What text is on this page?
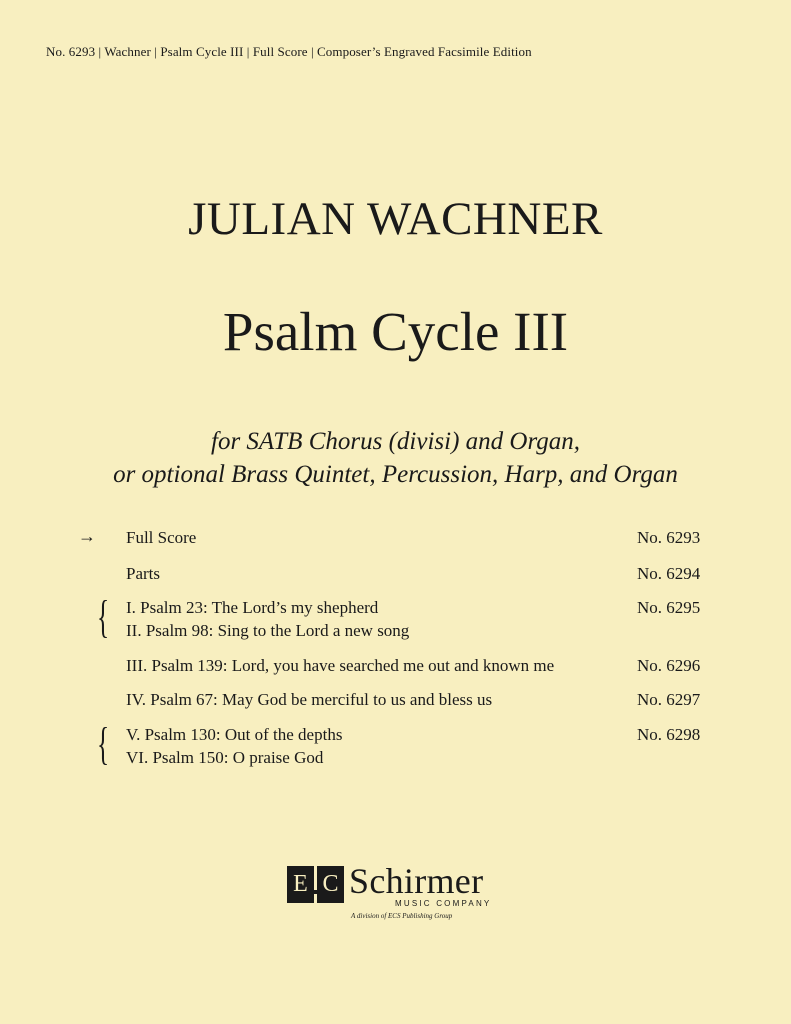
No. 6293 | Wachner | Psalm Cycle III | Full Score | Composer’s Engraved Facsimile Edition
JULIAN WACHNER
Psalm Cycle III
for SATB Chorus (divisi) and Organ,
or optional Brass Quintet, Percussion, Harp, and Organ
→ Full Score	No. 6293
Parts	No. 6294
{ I. Psalm 23: The Lord’s my shepherd	No. 6295
II. Psalm 98: Sing to the Lord a new song
III. Psalm 139: Lord, you have searched me out and known me	No. 6296
IV. Psalm 67: May God be merciful to us and bless us	No. 6297
{ V. Psalm 130: Out of the depths	No. 6298
VI. Psalm 150: O praise God
E C Schirmer
MUSIC COMPANY
A division of ECS Publishing Group
